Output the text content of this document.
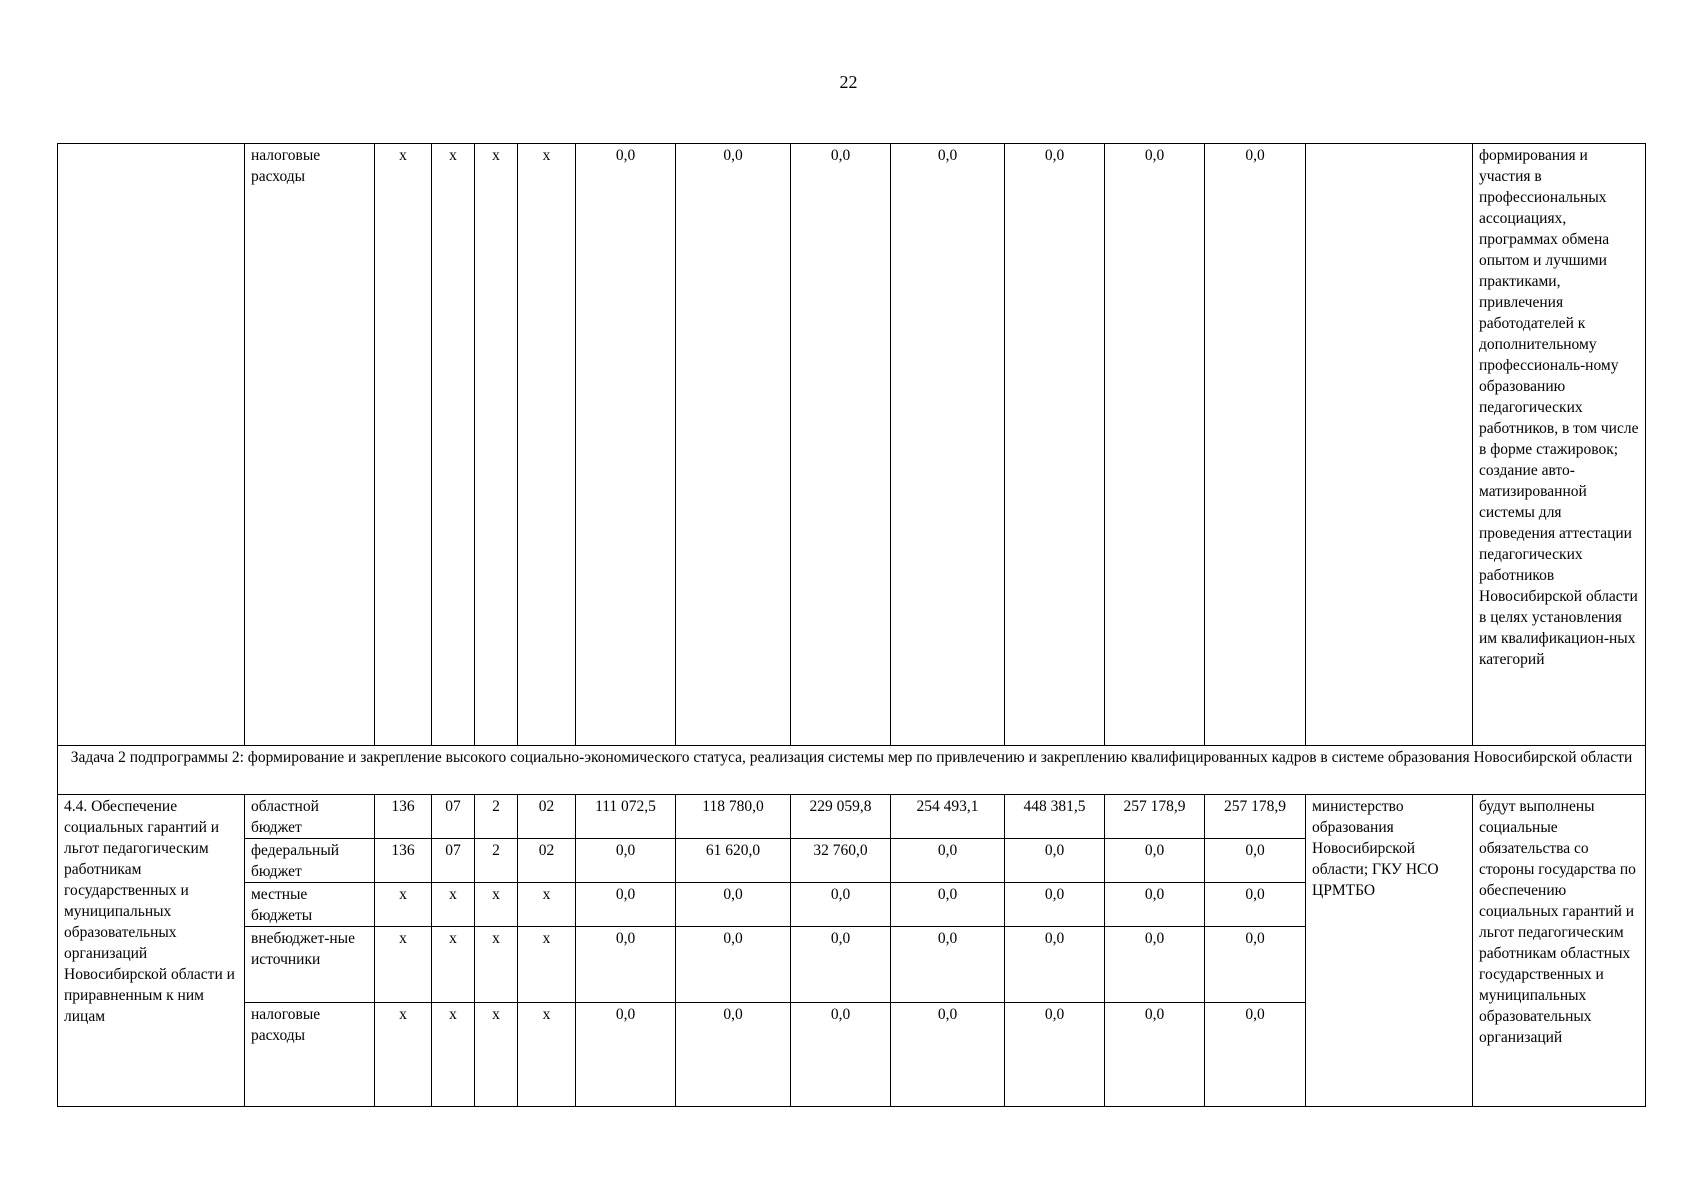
22
	налоговые расходы	х	х	х	х	0,0	0,0	0,0	0,0	0,0	0,0	0,0		формирования и участия в профессиональных ассоциациях, программах обмена опытом и лучшими практиками, привлечения работодателей к дополнительному профессиональ-ному образованию педагогических работников, в том числе в форме стажировок; создание авто-матизированной системы для проведения аттестации педагогических работников Новосибирской области в целях установления им квалификацион-ных категорий
Задача 2 подпрограммы 2: формирование и закрепление высокого социально-экономического статуса, реализация системы мер по привлечению и закреплению квалифицированных кадров в системе образования Новосибирской области														
4.4. Обеспечение социальных гарантий и льгот педагогическим работникам государственных и муниципальных образовательных организаций Новосибирской области и приравненным к ним лицам	областной бюджет	136	07	2	02	111 072,5	118 780,0	229 059,8	254 493,1	448 381,5	257 178,9	257 178,9	министерство образования Новосибирской области; ГКУ НСО ЦРМТБО	будут выполнены социальные обязательства со стороны государства по обеспечению социальных гарантий и льгот педагогическим работникам областных государственных и муниципальных образовательных организаций
	федеральный бюджет	136	07	2	02	0,0	61 620,0	32 760,0	0,0	0,0	0,0	0,0		
	местные бюджеты	х	х	х	х	0,0	0,0	0,0	0,0	0,0	0,0	0,0		
	внебюджет-ные источники	х	х	х	х	0,0	0,0	0,0	0,0	0,0	0,0	0,0		
	налоговые расходы	х	х	х	х	0,0	0,0	0,0	0,0	0,0	0,0	0,0		
